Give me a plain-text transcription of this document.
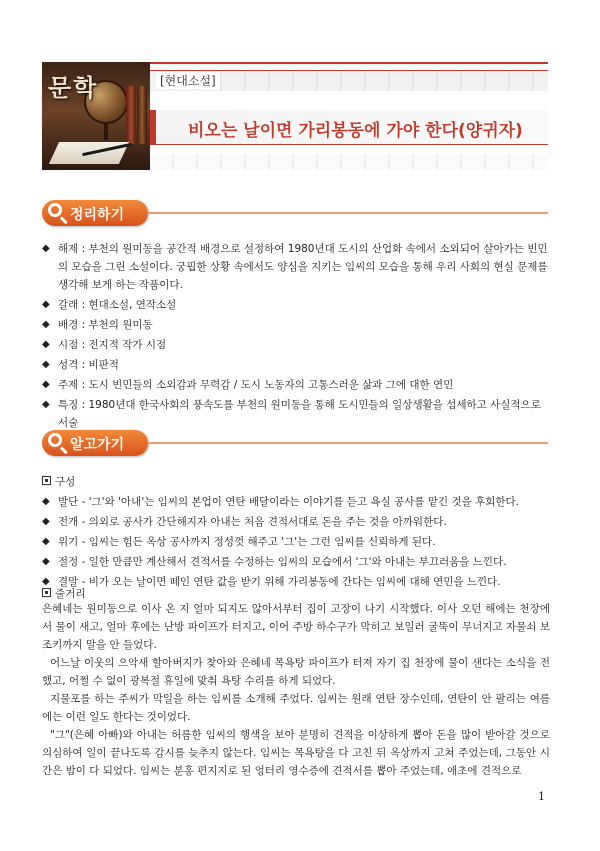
문학	[현대소설]
비오는 날이면 가리봉동에 가야 한다(양귀자)
정리하기
◆ 해제 : 부천의 원미동을 공간적 배경으로 설정하여 1980년대 도시의 산업화 속에서 소외되어 살아가는 빈민의 모습을 그린 소설이다. 궁핍한 상황 속에서도 양심을 지키는 임씨의 모습을 통해 우리 사회의 현실 문제를 생각해 보게 하는 작품이다.
◆ 갈래 : 현대소설, 연작소설
◆ 배경 : 부천의 원미동
◆ 시점 : 전지적 작가 시점
◆ 성격 : 비판적
◆ 주제 : 도시 빈민들의 소외감과 무력감 / 도시 노동자의 고통스러운 삶과 그에 대한 연민
◆ 특징 : 1980년대 한국사회의 풍속도를 부천의 원미동을 통해 도시민들의 일상생활을 섬세하고 사실적으로 서술
알고가기
구성
◆ 발단 - '그'와 '아내'는 임씨의 본업이 연탄 배달이라는 이야기를 듣고 욕실 공사를 맡긴 것을 후회한다.
◆ 전개 - 의외로 공사가 간단해지자 아내는 처음 견적서대로 돈을 주는 것을 아까워한다.
◆ 위기 - 임씨는 힘든 옥상 공사까지 정성껏 해주고 '그'는 그런 임씨를 신뢰하게 된다.
◆ 절정 - 일한 만큼만 계산해서 견적서를 수정하는 임씨의 모습에서 '그'와 아내는 부끄러움을 느낀다.
◆ 결말 - 비가 오는 날이면 떼인 연탄 값을 받기 위해 가리봉동에 간다는 임씨에 대해 연민을 느낀다.
줄거리

은혜네는 원미동으로 이사 온 지 얼마 되지도 않아서부터 집이 고장이 나기 시작했다. 이사 오던 해에는 천장에서 물이 새고, 얼마 후에는 난방 파이프가 터지고, 이어 주방 하수구가 막히고 보일러 굴뚝이 무너지고 자물쇠 보조키까지 말을 안 들었다.

어느날 이웃의 으악새 할아버지가 찾아와 은혜네 목욕탕 파이프가 터져 자기 집 천장에 물이 샌다는 소식을 전했고, 어쩔 수 없이 광복절 휴일에 맞춰 욕탕 수리를 하게 되었다.

지물포를 하는 주씨가 막일을 하는 임씨를 소개해 주었다. 임씨는 원래 연탄 장수인데, 연탄이 안 팔리는 여름에는 이런 일도 한다는 것이었다.

"그"(은혜 아빠)와 아내는 허름한 임씨의 행색을 보아 분명히 견적을 이상하게 뽑아 돈을 많이 받아갈 것으로 의심하여 일이 끝나도록 감시를 늦추지 않는다. 임씨는 목욕탕을 다 고친 뒤 옥상까지 고쳐 주었는데, 그동안 시간은 밤이 다 되었다. 임씨는 분홍 편지지로 된 엉터리 영수증에 견적서를 뽑아 주었는데, 애초에 견적으로

1
